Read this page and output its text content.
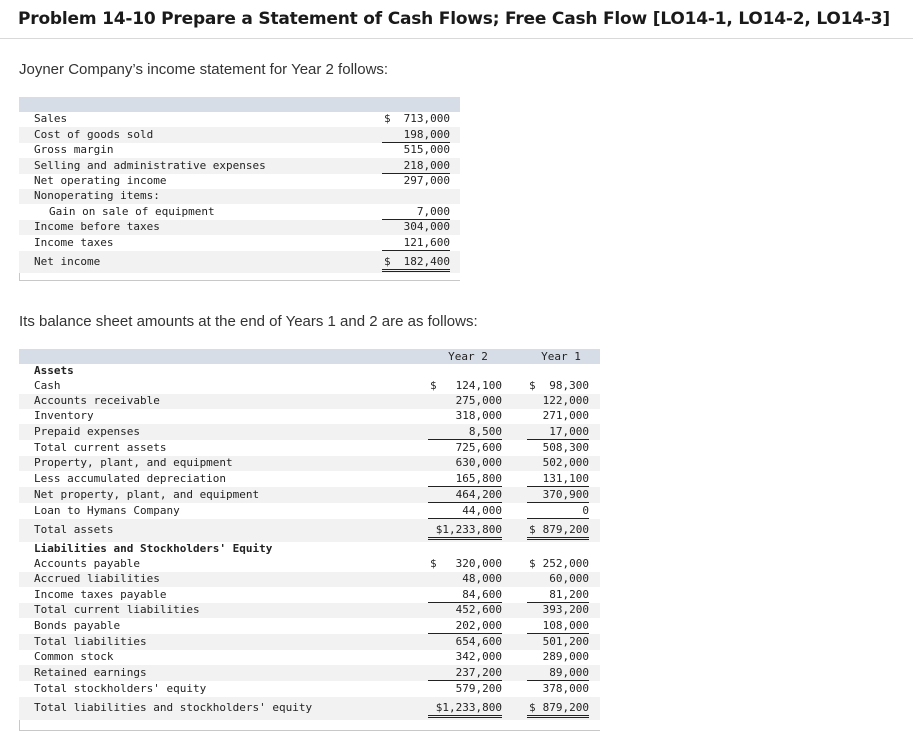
Problem 14-10 Prepare a Statement of Cash Flows; Free Cash Flow [LO14-1, LO14-2, LO14-3]

Joyner Company’s income statement for Year 2 follows:

Sales	$ 713,000
Cost of goods sold	198,000
Gross margin	515,000
Selling and administrative expenses	218,000
Net operating income	297,000
Nonoperating items:
Gain on sale of equipment	7,000
Income before taxes	304,000
Income taxes	121,600
Net income	$ 182,400

Its balance sheet amounts at the end of Years 1 and 2 are as follows:

Year 2	Year 1
Assets
Cash	$ 124,100 $ 98,300
Accounts receivable	275,000	122,000
Inventory	318,000	271,000
Prepaid expenses	8,500	17,000
Total current assets	725,600	508,300
Property, plant, and equipment	630,000	502,000
Less accumulated depreciation	165,800	131,100
Net property, plant, and equipment	464,200	370,900
Loan to Hymans Company	44,000	0
Total assets	$1,233,800 $ 879,200
Liabilities and Stockholders' Equity
Accounts payable	$ 320,000 $ 252,000
Accrued liabilities	48,000	60,000
Income taxes payable	84,600	81,200
Total current liabilities	452,600	393,200
Bonds payable	202,000	108,000
Total liabilities	654,600	501,200
Common stock	342,000	289,000
Retained earnings	237,200	89,000
Total stockholders' equity	579,200	378,000
Total liabilities and stockholders' equity	$1,233,800 $ 879,200
